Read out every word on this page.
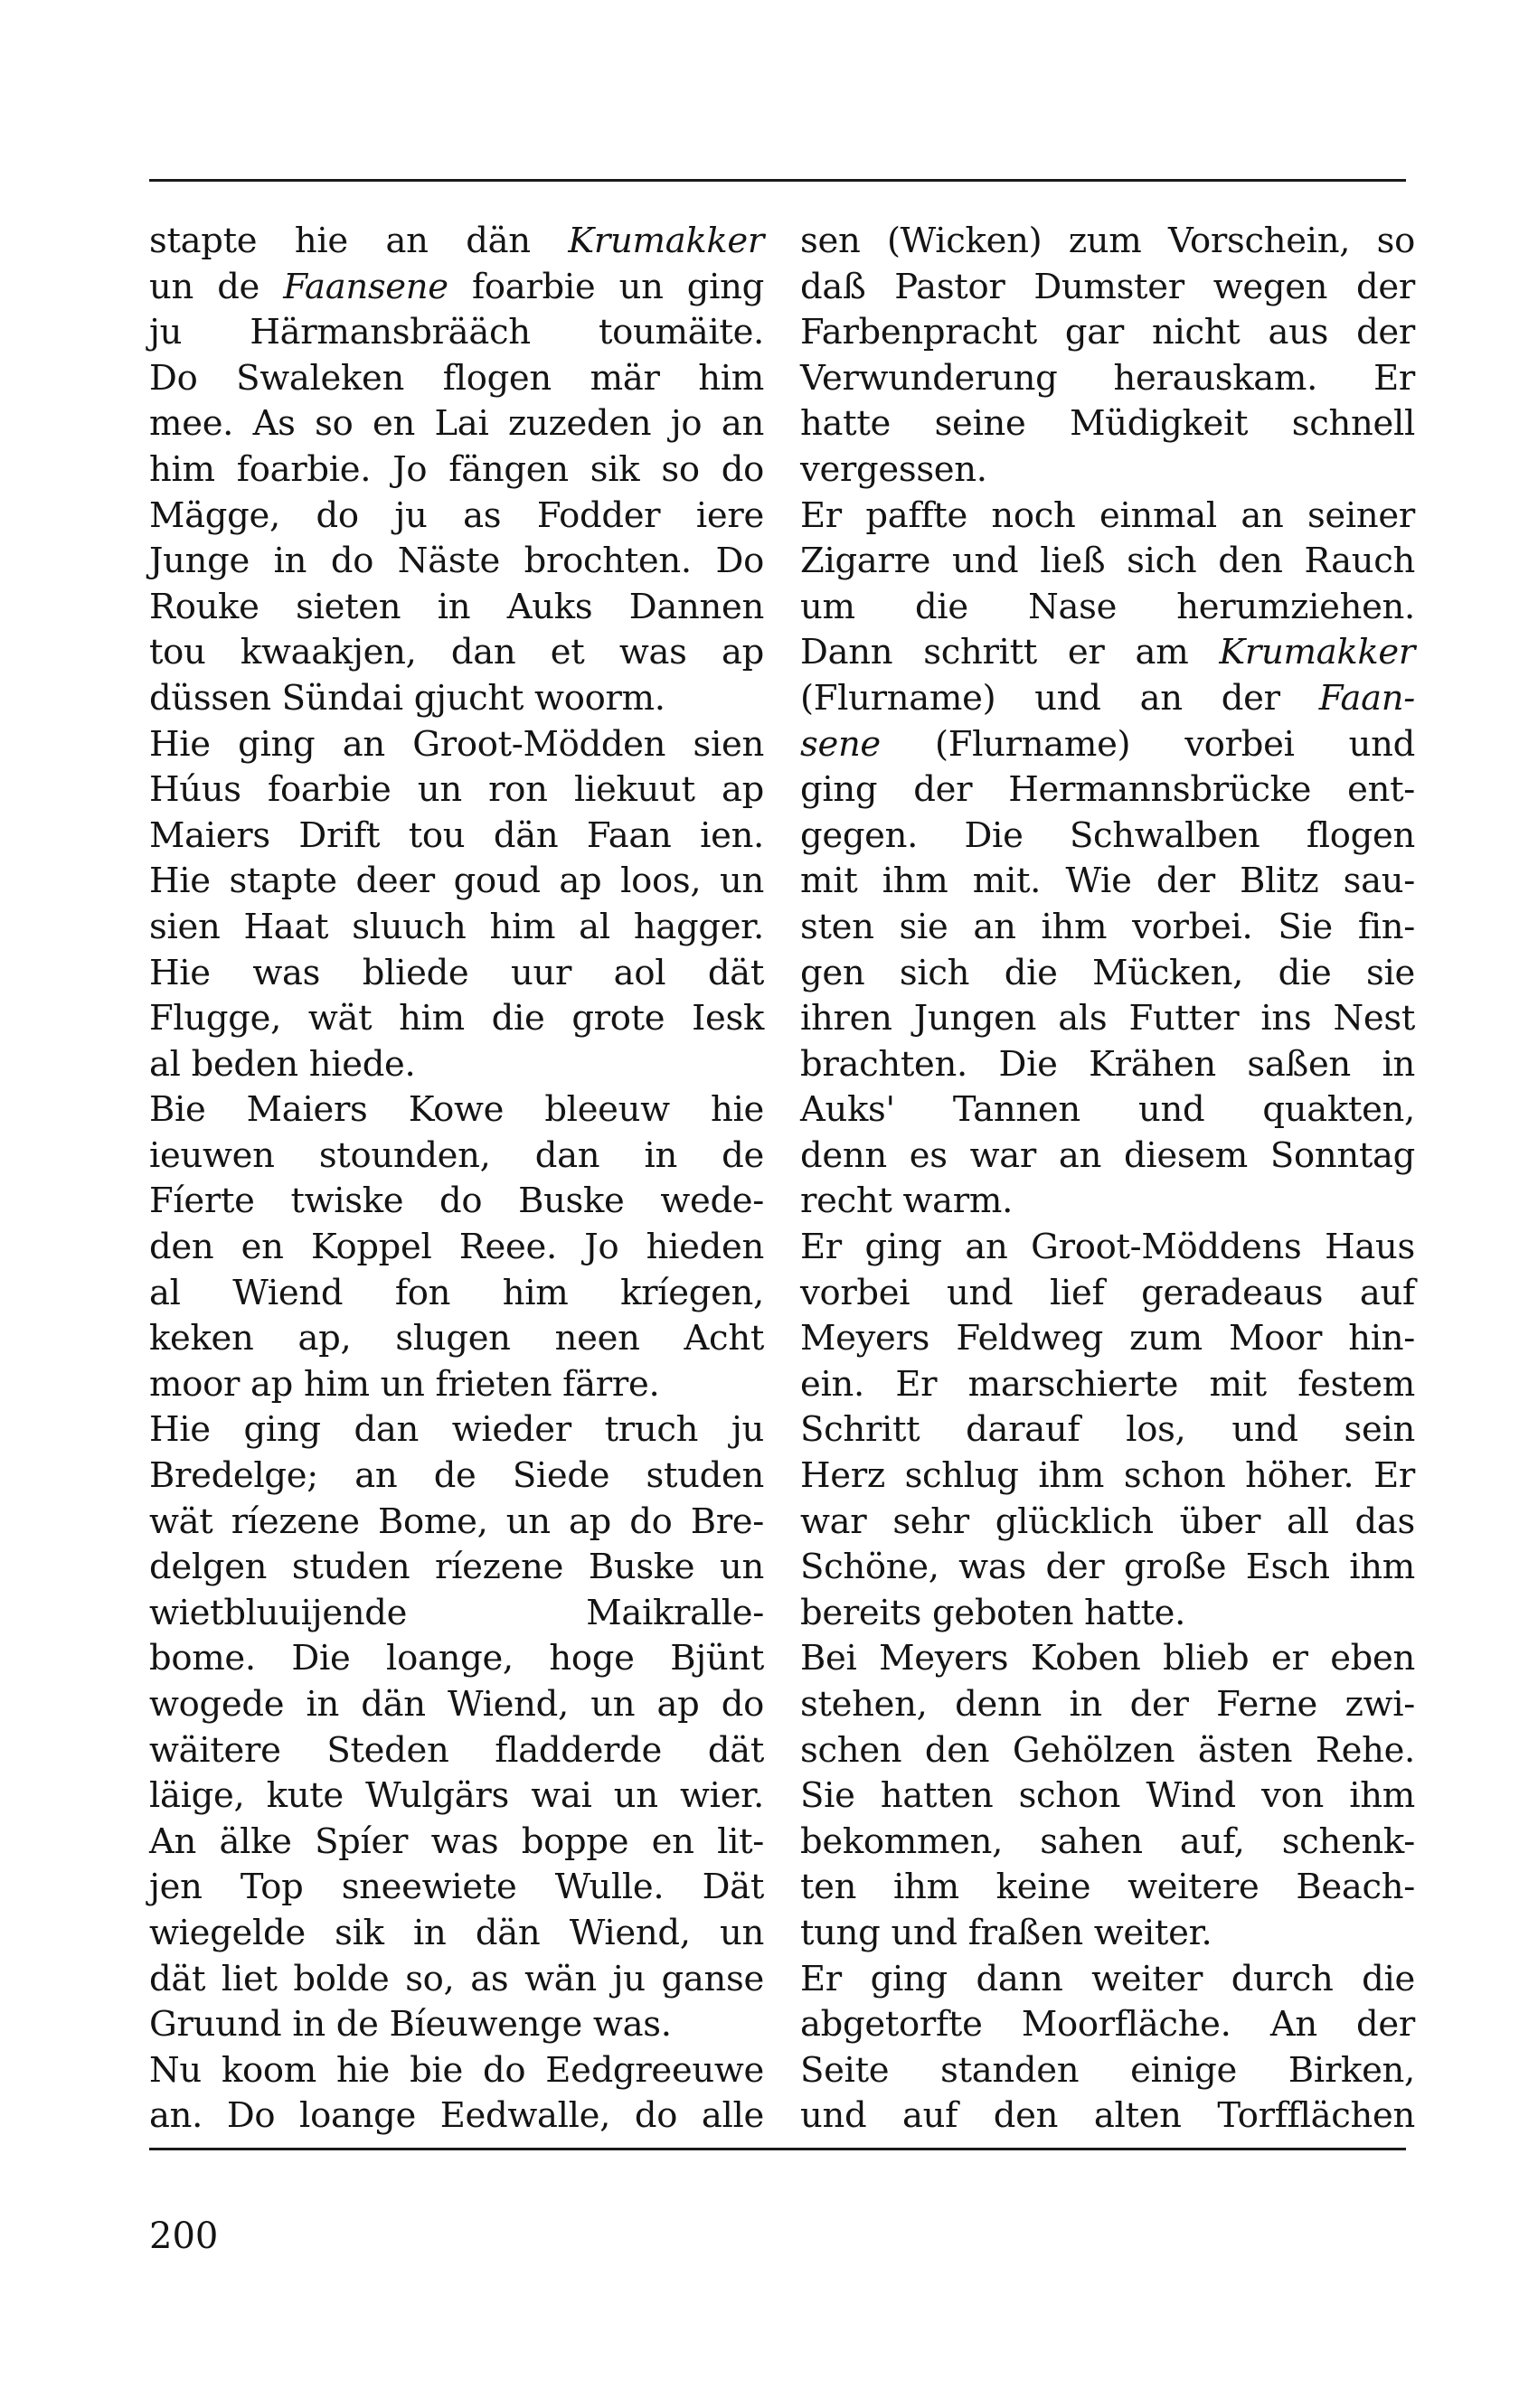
stapte hie an dän Krumakker
un de Faansene foarbie un ging
ju Härmansbrääch toumäite.
Do Swaleken flogen mär him
mee. As so en Lai zuzeden jo an
him foarbie. Jo fängen sik so do
Mägge, do ju as Fodder iere
Junge in do Näste brochten. Do
Rouke sieten in Auks Dannen
tou kwaakjen, dan et was ap
düssen Sündai gjucht woorm.
Hie ging an Groot-Mödden sien
Húus foarbie un ron liekuut ap
Maiers Drift tou dän Faan ien.
Hie stapte deer goud ap loos, un
sien Haat sluuch him al hagger.
Hie was bliede uur aol dät
Flugge, wät him die grote Iesk
al beden hiede.
Bie Maiers Kowe bleeuw hie
ieuwen stounden, dan in de
Fíerte twiske do Buske wede-
den en Koppel Reee. Jo hieden
al Wiend fon him kríegen,
keken ap, slugen neen Acht
moor ap him un frieten färre.
Hie ging dan wieder truch ju
Bredelge; an de Siede studen
wät ríezene Bome, un ap do Bre-
delgen studen ríezene Buske un
wietbluuijende Maikralle-
bome. Die loange, hoge Bjünt
wogede in dän Wiend, un ap do
wäitere Steden fladderde dät
läige, kute Wulgärs wai un wier.
An älke Spíer was boppe en lit-
jen Top sneewiete Wulle. Dät
wiegelde sik in dän Wiend, un
dät liet bolde so, as wän ju ganse
Gruund in de Bíeuwenge was.
Nu koom hie bie do Eedgreeuwe
an. Do loange Eedwalle, do alle
sen (Wicken) zum Vorschein, so
daß Pastor Dumster wegen der
Farbenpracht gar nicht aus der
Verwunderung herauskam. Er
hatte seine Müdigkeit schnell
vergessen.
Er paffte noch einmal an seiner
Zigarre und ließ sich den Rauch
um die Nase herumziehen.
Dann schritt er am Krumakker
(Flurname) und an der Faan-
sene (Flurname) vorbei und
ging der Hermannsbrücke ent-
gegen. Die Schwalben flogen
mit ihm mit. Wie der Blitz sau-
sten sie an ihm vorbei. Sie fin-
gen sich die Mücken, die sie
ihren Jungen als Futter ins Nest
brachten. Die Krähen saßen in
Auks' Tannen und quakten,
denn es war an diesem Sonntag
recht warm.
Er ging an Groot-Möddens Haus
vorbei und lief geradeaus auf
Meyers Feldweg zum Moor hin-
ein. Er marschierte mit festem
Schritt darauf los, und sein
Herz schlug ihm schon höher. Er
war sehr glücklich über all das
Schöne, was der große Esch ihm
bereits geboten hatte.
Bei Meyers Koben blieb er eben
stehen, denn in der Ferne zwi-
schen den Gehölzen ästen Rehe.
Sie hatten schon Wind von ihm
bekommen, sahen auf, schenk-
ten ihm keine weitere Beach-
tung und fraßen weiter.
Er ging dann weiter durch die
abgetorfte Moorfläche. An der
Seite standen einige Birken,
und auf den alten Torfflächen
200
